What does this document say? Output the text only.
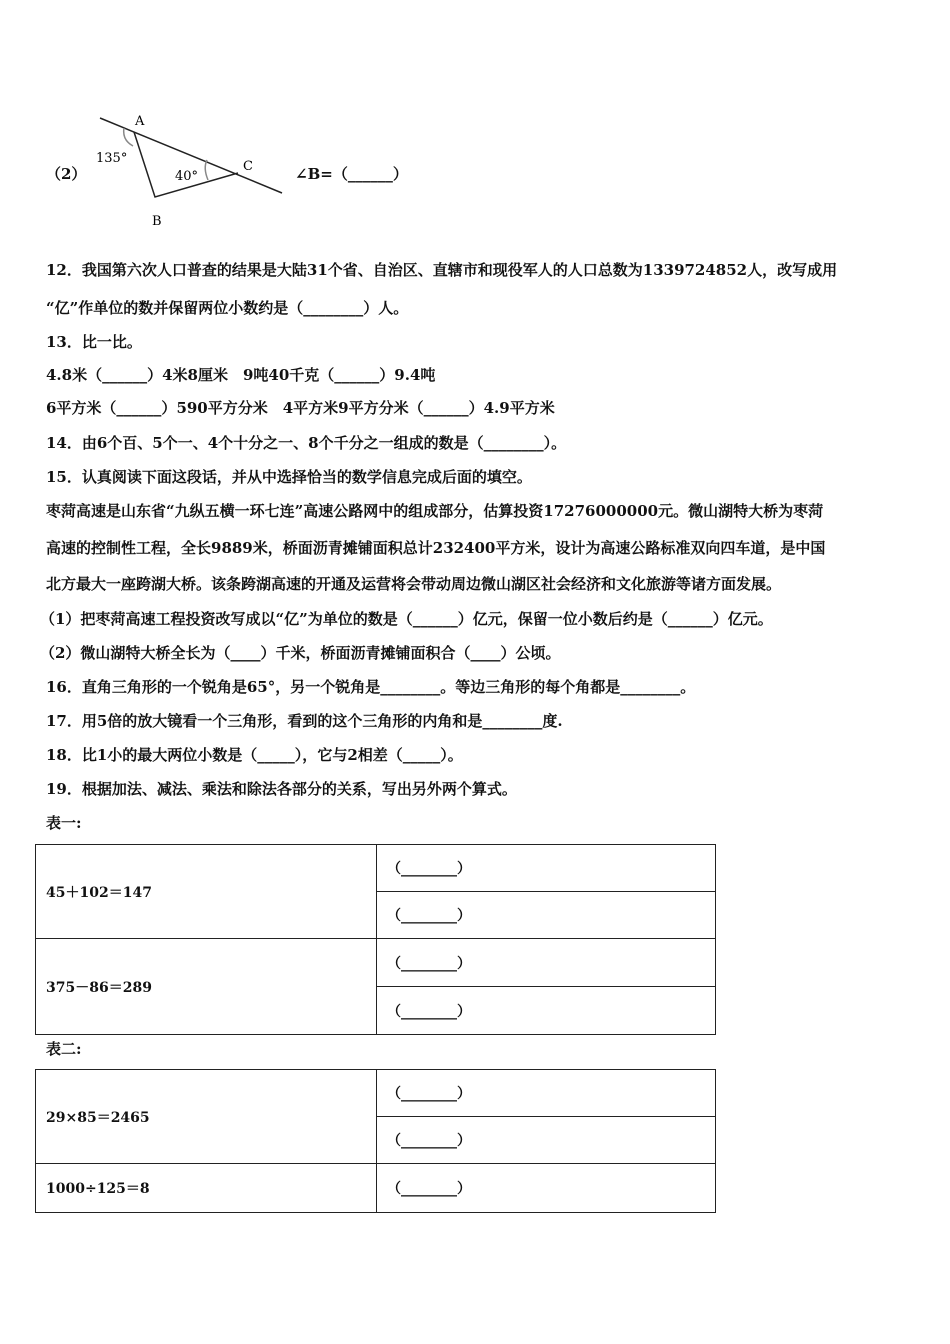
（2）
A
135°
40°
C
B
∠B=（______）
12．我国第六次人口普查的结果是大陆31个省、自治区、直辖市和现役军人的人口总数为1339724852人，改写成用
“亿”作单位的数并保留两位小数约是（________）人。
13．比一比。
4.8米（______）4米8厘米　9吨40千克（______）9.4吨
6平方米（______）590平方分米　4平方米9平方分米（______）4.9平方米
14．由6个百、5个一、4个十分之一、8个千分之一组成的数是（________）。
15．认真阅读下面这段话，并从中选择恰当的数学信息完成后面的填空。
枣菏高速是山东省“九纵五横一环七连”高速公路网中的组成部分，估算投资17276000000元。微山湖特大桥为枣菏
高速的控制性工程，全长9889米，桥面沥青摊铺面积总计232400平方米，设计为高速公路标准双向四车道，是中国
北方最大一座跨湖大桥。该条跨湖高速的开通及运营将会带动周边微山湖区社会经济和文化旅游等诸方面发展。
（1）把枣菏高速工程投资改写成以“亿”为单位的数是（______）亿元，保留一位小数后约是（______）亿元。
（2）微山湖特大桥全长为（____）千米，桥面沥青摊铺面积合（____）公顷。
16．直角三角形的一个锐角是65°，另一个锐角是________。等边三角形的每个角都是________。
17．用5倍的放大镜看一个三角形，看到的这个三角形的内角和是________度.
18．比1小的最大两位小数是（_____），它与2相差（_____）。
19．根据加法、减法、乘法和除法各部分的关系，写出另外两个算式。
表一:
45＋102＝147	（________）
	（________）
375－86＝289	（________）
	（________）
表二:
29×85＝2465	（________）
	（________）
1000÷125＝8	（________）
